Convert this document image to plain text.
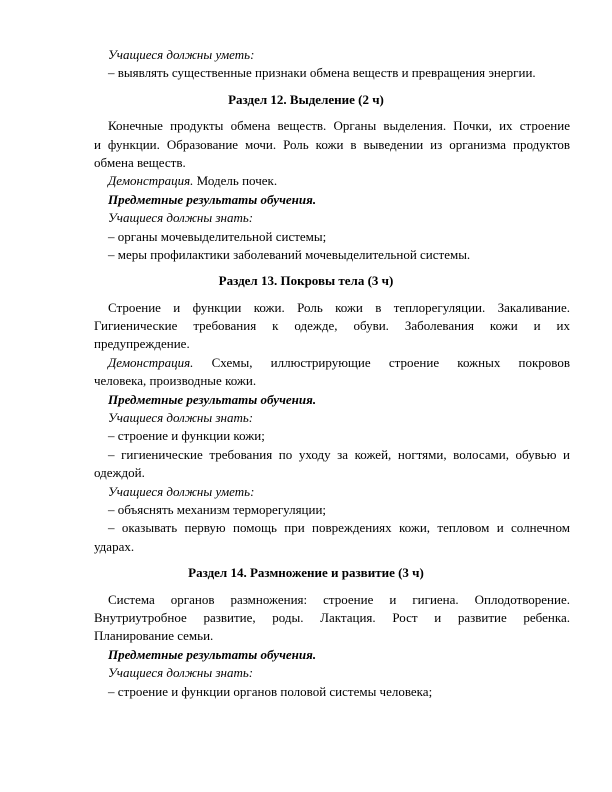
Учащиеся должны уметь:
– выявлять существенные признаки обмена веществ и превращения энергии.
Раздел 12. Выделение (2 ч)
Конечные продукты обмена веществ. Органы выделения. Почки, их строение
и функции. Образование мочи. Роль кожи в выведении из организма продуктов
обмена веществ.
Демонстрация. Модель почек.
Предметные результаты обучения.
Учащиеся должны знать:
– органы мочевыделительной системы;
– меры профилактики заболеваний мочевыделительной системы.
Раздел 13. Покровы тела (3 ч)
Строение и функции кожи. Роль кожи в теплорегуляции. Закаливание.
Гигиенические требования к одежде, обуви. Заболевания кожи и их
предупреждение.
Демонстрация. Схемы, иллюстрирующие строение кожных покровов
человека, производные кожи.
Предметные результаты обучения.
Учащиеся должны знать:
– строение и функции кожи;
– гигиенические требования по уходу за кожей, ногтями, волосами, обувью и
одеждой.
Учащиеся должны уметь:
– объяснять механизм терморегуляции;
– оказывать первую помощь при повреждениях кожи, тепловом и солнечном
ударах.
Раздел 14. Размножение и развитие (3 ч)
Система органов размножения: строение и гигиена. Оплодотворение.
Внутриутробное развитие, роды. Лактация. Рост и развитие ребенка.
Планирование семьи.
Предметные результаты обучения.
Учащиеся должны знать:
– строение и функции органов половой системы человека;
